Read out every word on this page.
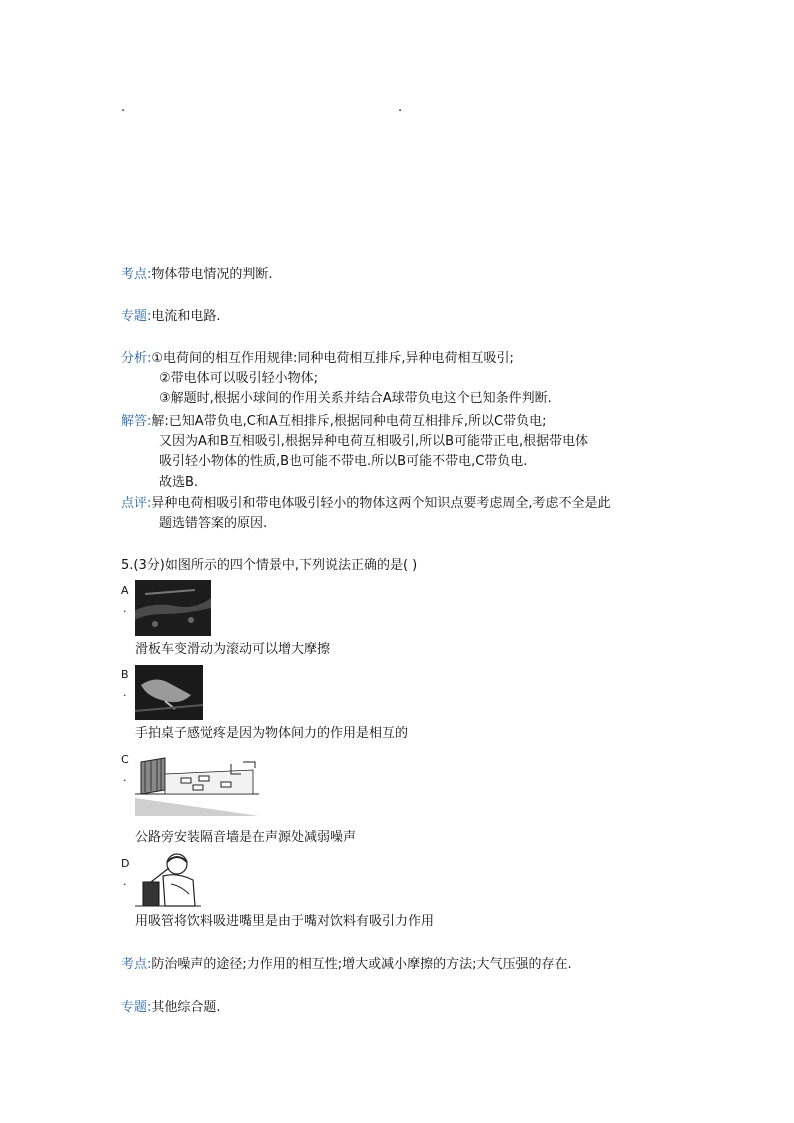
.	.
考点:物体带电情况的判断.
专题:电流和电路.
分析:①电荷间的相互作用规律:同种电荷相互排斥,异种电荷相互吸引;
②带电体可以吸引轻小物体;
③解题时,根据小球间的作用关系并结合A球带负电这个已知条件判断.
解答:解:已知A带负电,C和A互相排斥,根据同种电荷互相排斥,所以C带负电;
又因为A和B互相吸引,根据异种电荷互相吸引,所以B可能带正电,根据带电体
吸引轻小物体的性质,B也可能不带电.所以B可能不带电,C带负电.
故选B.
点评:异种电荷相吸引和带电体吸引轻小的物体这两个知识点要考虑周全,考虑不全是此
题选错答案的原因.
5.(3分)如图所示的四个情景中,下列说法正确的是( )
A
.
滑板车变滑动为滚动可以增大摩擦
B
.
手拍桌子感觉疼是因为物体间力的作用是相互的
C
.
公路旁安装隔音墙是在声源处减弱噪声
D
.
用吸管将饮料吸进嘴里是由于嘴对饮料有吸引力作用
考点:防治噪声的途径;力作用的相互性;增大或减小摩擦的方法;大气压强的存在.
专题:其他综合题.
